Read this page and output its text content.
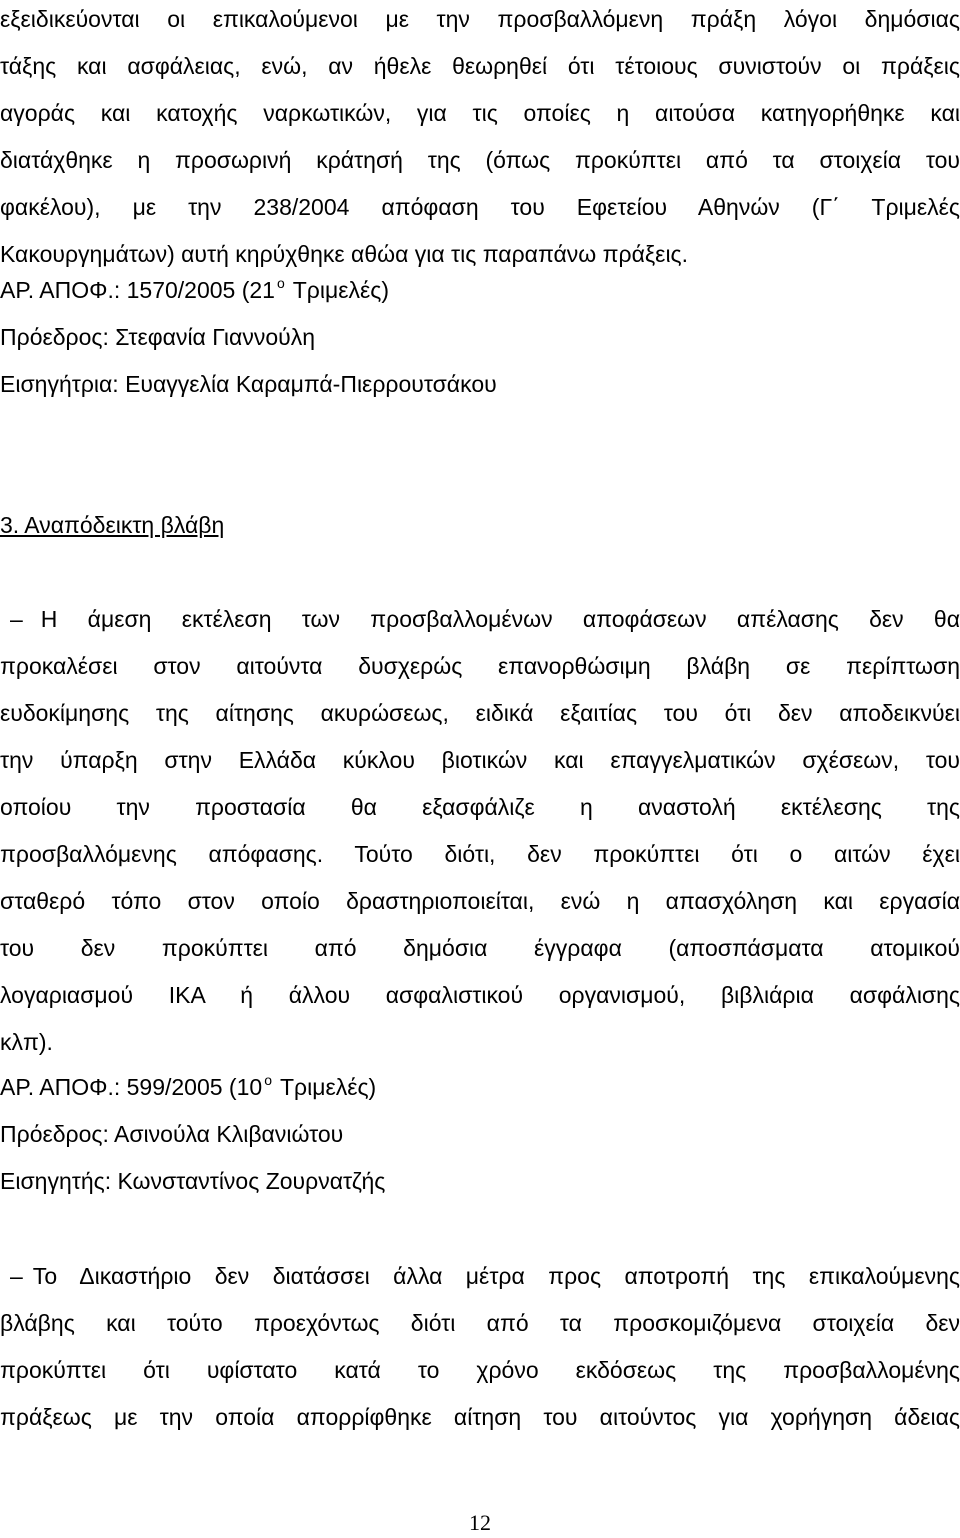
εξειδικεύονται οι επικαλούμενοι με την προσβαλλόμενη πράξη λόγοι δημόσιας
τάξης και ασφάλειας, ενώ, αν ήθελε θεωρηθεί ότι τέτοιους συνιστούν οι πράξεις
αγοράς και κατοχής ναρκωτικών, για τις οποίες η αιτούσα κατηγορήθηκε και
διατάχθηκε η προσωρινή κράτησή της (όπως προκύπτει από τα στοιχεία του
φακέλου), με την 238/2004 απόφαση του Εφετείου Αθηνών (Γ΄ Τριμελές
Κακουργημάτων) αυτή κηρύχθηκε αθώα για τις παραπάνω πράξεις.
ΑΡ. ΑΠΟΦ.: 1570/2005 (21 $^o$ Τριμελές)
Πρόεδρος: Στεφανία Γιαννούλη
Εισηγήτρια: Ευαγγελία Καραμπά-Πιερρουτσάκου
3. Αναπόδεικτη βλάβη
– Η άμεση εκτέλεση των προσβαλλομένων αποφάσεων απέλασης δεν θα
προκαλέσει στον αιτούντα δυσχερώς επανορθώσιμη βλάβη σε περίπτωση
ευδοκίμησης της αίτησης ακυρώσεως, ειδικά εξαιτίας του ότι δεν αποδεικνύει
την ύπαρξη στην Ελλάδα κύκλου βιοτικών και επαγγελματικών σχέσεων, του
οποίου την προστασία θα εξασφάλιζε η αναστολή εκτέλεσης της
προσβαλλόμενης απόφασης. Τούτο διότι, δεν προκύπτει ότι ο αιτών έχει
σταθερό τόπο στον οποίο δραστηριοποιείται, ενώ η απασχόληση και εργασία
του δεν προκύπτει από δημόσια έγγραφα (αποσπάσματα ατομικού
λογαριασμού ΙΚΑ ή άλλου ασφαλιστικού οργανισμού, βιβλιάρια ασφάλισης
κλπ).
ΑΡ. ΑΠΟΦ.: 599/2005 (10 $^o$ Τριμελές)
Πρόεδρος: Ασινούλα Κλιβανιώτου
Εισηγητής: Κωνσταντίνος Ζουρνατζής
– Το Δικαστήριο δεν διατάσσει άλλα μέτρα προς αποτροπή της επικαλούμενης
βλάβης και τούτο προεχόντως διότι από τα προσκομιζόμενα στοιχεία δεν
προκύπτει ότι υφίστατο κατά το χρόνο εκδόσεως της προσβαλλομένης
πράξεως με την οποία απορρίφθηκε αίτηση του αιτούντος για χορήγηση άδειας
12
